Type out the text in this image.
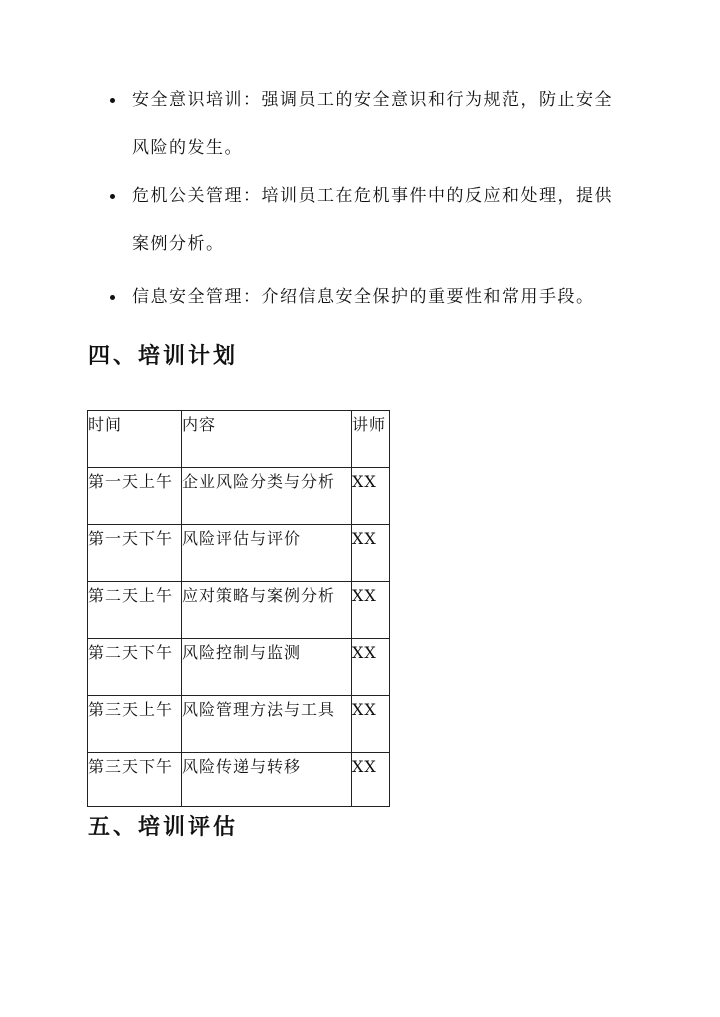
安全意识培训：强调员工的安全意识和行为规范，防止安全风险的发生。
危机公关管理：培训员工在危机事件中的反应和处理，提供案例分析。
信息安全管理：介绍信息安全保护的重要性和常用手段。
四、培训计划
时间	内容	讲师
第一天上午	企业风险分类与分析	XX
第一天下午	风险评估与评价	XX
第二天上午	应对策略与案例分析	XX
第二天下午	风险控制与监测	XX
第三天上午	风险管理方法与工具	XX
第三天下午	风险传递与转移	XX
五、培训评估
